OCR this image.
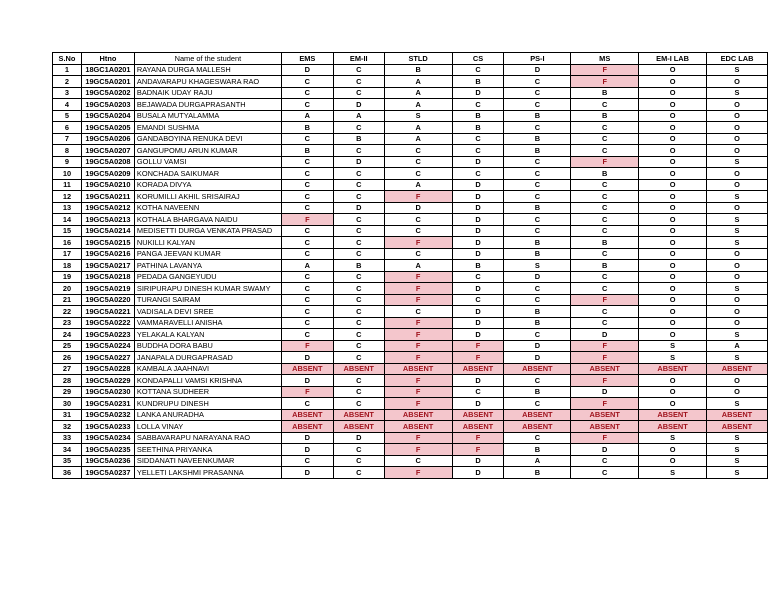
S.No	Htno	Name of the student	EMS	EM-II	STLD	CS	PS-I	MS	EM-I LAB	EDC LAB
1	18GC1A0201	RAYANA DURGA MALLESH	D	C	B	C	D	F	O	S
2	19GC5A0201	ANDAVARAPU KHAGESWARA RAO	C	C	A	B	C	F	O	O
3	19GC5A0202	BADNAIK UDAY RAJU	C	C	A	D	C	B	O	S
4	19GC5A0203	BEJAWADA DURGAPRASANTH	C	D	A	C	C	C	O	O
5	19GC5A0204	BUSALA MUTYALAMMA	A	A	S	B	B	B	O	O
6	19GC5A0205	EMANDI SUSHMA	B	C	A	B	C	C	O	O
7	19GC5A0206	GANDABOYINA RENUKA DEVI	C	B	A	C	B	C	O	O
8	19GC5A0207	GANGUPOMU ARUN KUMAR	B	C	C	C	B	C	O	O
9	19GC5A0208	GOLLU VAMSI	C	D	C	D	C	F	O	S
10	19GC5A0209	KONCHADA SAIKUMAR	C	C	C	C	C	B	O	O
11	19GC5A0210	KORADA DIVYA	C	C	A	D	C	C	O	O
12	19GC5A0211	KORUMILLI AKHIL SRISAIRAJ	C	C	F	D	C	C	O	S
13	19GC5A0212	KOTHA NAVEENN	C	D	D	D	B	C	O	O
14	19GC5A0213	KOTHALA BHARGAVA NAIDU	F	C	C	D	C	C	O	S
15	19GC5A0214	MEDISETTI DURGA VENKATA PRASAD	C	C	C	D	C	C	O	S
16	19GC5A0215	NUKILLI KALYAN	C	C	F	D	B	B	O	S
17	19GC5A0216	PANGA JEEVAN KUMAR	C	C	C	D	B	C	O	O
18	19GC5A0217	PATHINA LAVANYA	A	B	A	B	S	B	O	O
19	19GC5A0218	PEDADA GANGEYUDU	C	C	F	C	D	C	O	O
20	19GC5A0219	SIRIPURAPU DINESH KUMAR SWAMY	C	C	F	D	C	C	O	S
21	19GC5A0220	TURANGI SAIRAM	C	C	F	C	C	F	O	O
22	19GC5A0221	VADISALA DEVI SREE	C	C	C	D	B	C	O	O
23	19GC5A0222	VAMMARAVELLI ANISHA	C	C	F	D	B	C	O	O
24	19GC5A0223	YELAKALA KALYAN	C	C	F	D	C	D	O	S
25	19GC5A0224	BUDDHA DORA BABU	F	C	F	F	D	F	S	A
26	19GC5A0227	JANAPALA DURGAPRASAD	D	C	F	F	D	F	S	S
27	19GC5A0228	KAMBALA JAAHNAVI	ABSENT	ABSENT	ABSENT	ABSENT	ABSENT	ABSENT	ABSENT	ABSENT
28	19GC5A0229	KONDAPALLI VAMSI KRISHNA	D	C	F	D	C	F	O	O
29	19GC5A0230	KOTTANA SUDHEER	F	C	F	C	B	D	O	O
30	19GC5A0231	KUNDRUPU DINESH	C	C	F	D	C	F	O	S
31	19GC5A0232	LANKA ANURADHA	ABSENT	ABSENT	ABSENT	ABSENT	ABSENT	ABSENT	ABSENT	ABSENT
32	19GC5A0233	LOLLA VINAY	ABSENT	ABSENT	ABSENT	ABSENT	ABSENT	ABSENT	ABSENT	ABSENT
33	19GC5A0234	SABBAVARAPU NARAYANA RAO	D	D	F	F	C	F	S	S
34	19GC5A0235	SEETHINA PRIYANKA	D	C	F	F	B	D	O	S
35	19GC5A0236	SIDDANATI NAVEENKUMAR	C	C	C	D	A	C	O	S
36	19GC5A0237	YELLETI LAKSHMI PRASANNA	D	C	F	D	B	C	S	S
